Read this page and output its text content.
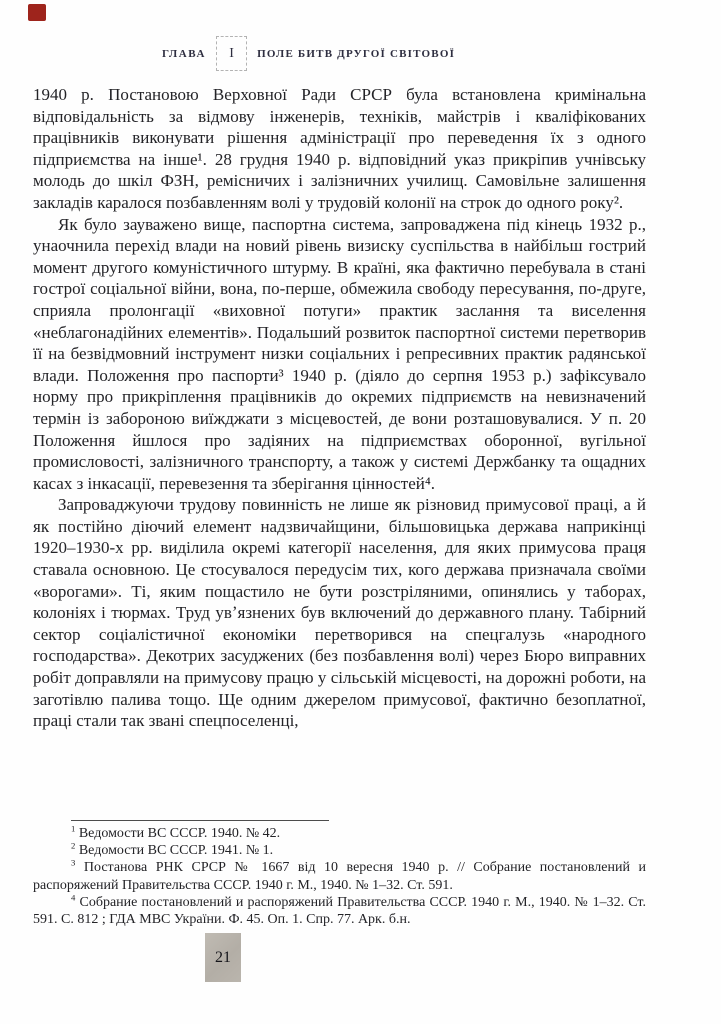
ГЛАВА I ПОЛЕ БИТВ ДРУГОЇ СВІТОВОЇ

1940 р. Постановою Верховної Ради СРСР була встановлена кримінальна відповідальність за відмову інженерів, техніків, майстрів і кваліфікованих працівників виконувати рішення адміністрації про переведення їх з одного підприємства на інше¹. 28 грудня 1940 р. відповідний указ прикріпив учнівську молодь до шкіл ФЗН, ремісничих і залізничних училищ. Самовільне залишення закладів каралося позбавленням волі у трудовій колонії на строк до одного року².

Як було зауважено вище, паспортна система, запроваджена під кінець 1932 р., унаочнила перехід влади на новий рівень визиску суспільства в найбільш гострий момент другого комуністичного штурму. В країні, яка фактично перебувала в стані гострої соціальної війни, вона, по-перше, обмежила свободу пересування, по-друге, сприяла пролонгації «виховної потуги» практик заслання та виселення «неблагонадійних елементів». Подальший розвиток паспортної системи перетворив її на безвідмовний інструмент низки соціальних і репресивних практик радянської влади. Положення про паспорти³ 1940 р. (діяло до серпня 1953 р.) зафіксувало норму про прикріплення працівників до окремих підприємств на невизначений термін із забороною виїжджати з місцевостей, де вони розташовувалися. У п. 20 Положення йшлося про задіяних на підприємствах оборонної, вугільної промисловості, залізничного транспорту, а також у системі Держбанку та ощадних касах з інкасації, перевезення та зберігання цінностей⁴.

Запроваджуючи трудову повинність не лише як різновид примусової праці, а й як постійно діючий елемент надзвичайщини, більшовицька держава наприкінці 1920–1930-х рр. виділила окремі категорії населення, для яких примусова праця ставала основною. Це стосувалося передусім тих, кого держава призначала своїми «ворогами». Ті, яким пощастило не бути розстріляними, опинялись у таборах, колоніях і тюрмах. Труд увʼязнених був включений до державного плану. Табірний сектор соціалістичної економіки перетворився на спецгалузь «народного господарства». Декотрих засуджених (без позбавлення волі) через Бюро виправних робіт доправляли на примусову працю у сільській місцевості, на дорожні роботи, на заготівлю палива тощо. Ще одним джерелом примусової, фактично безоплатної, праці стали так звані спецпоселенці,

$^1$ Ведомости ВС СССР. 1940. № 42.

$^2$ Ведомости ВС СССР. 1941. № 1.

$^3$ Постанова РНК СРСР № 1667 від 10 вересня 1940 р. // Собрание постановлений и распоряжений Правительства СССР. 1940 г. М., 1940. № 1–32. Ст. 591.

$^4$ Собрание постановлений и распоряжений Правительства СССР. 1940 г. М., 1940. № 1–32. Ст. 591. С. 812 ; ГДА МВС України. Ф. 45. Оп. 1. Спр. 77. Арк. б.н.

21
